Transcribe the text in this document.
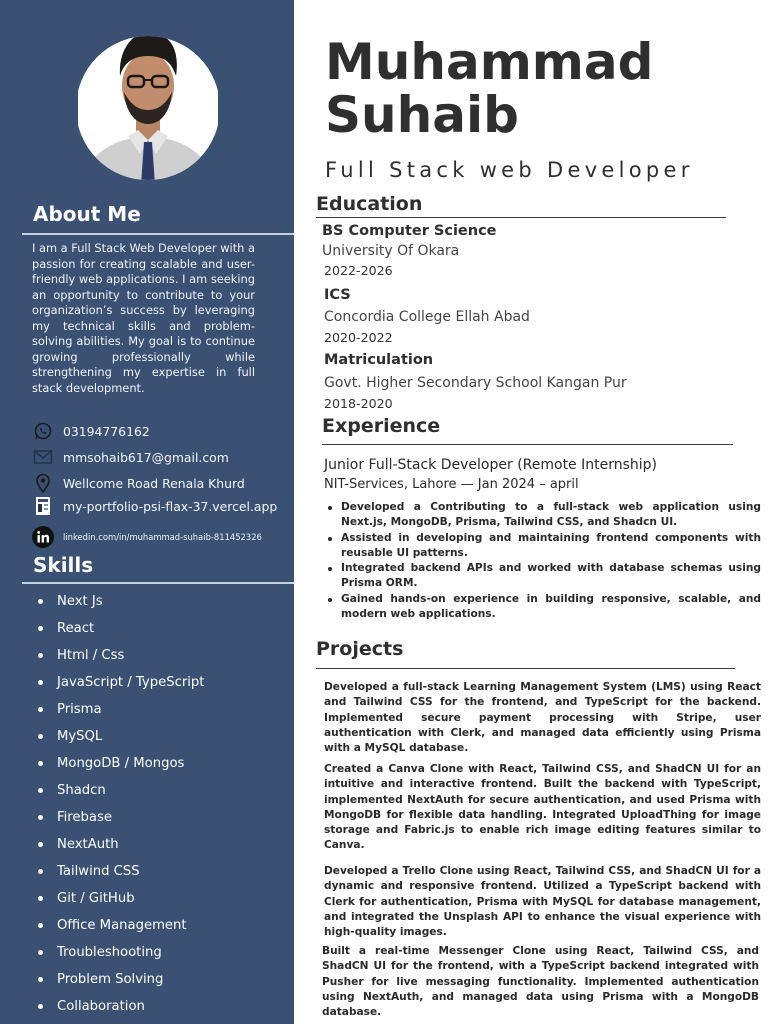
About Me

I am a Full Stack Web Developer with a passion for creating scalable and user-friendly web applications. I am seeking an opportunity to contribute to your organization’s success by leveraging my technical skills and problem-solving abilities. My goal is to continue growing professionally while strengthening my expertise in full stack development.

03194776162
mmsohaib617@gmail.com
Wellcome Road Renala Khurd
my-portfolio-psi-flax-37.vercel.app
linkedin.com/in/muhammad-suhaib-811452326
Skills
Next Js
React
Html / Css
JavaScript / TypeScript
Prisma
MySQL
MongoDB / Mongos
Shadcn
Firebase
NextAuth
Tailwind CSS
Git / GitHub
Office Management
Troubleshooting
Problem Solving
Collaboration
Muhammad Suhaib
Full Stack web Developer
Education
BS Computer Science
University Of Okara
2022-2026
ICS
Concordia College Ellah Abad
2020-2022
Matriculation
Govt. Higher Secondary School Kangan Pur
2018-2020
Experience
Junior Full-Stack Developer (Remote Internship)
NIT-Services, Lahore — Jan 2024 – april
Developed a Contributing to a full-stack web application using Next.js, MongoDB, Prisma, Tailwind CSS, and Shadcn UI.
Assisted in developing and maintaining frontend components with reusable UI patterns.
Integrated backend APIs and worked with database schemas using Prisma ORM.
Gained hands-on experience in building responsive, scalable, and modern web applications.
Projects

Developed a full-stack Learning Management System (LMS) using React and Tailwind CSS for the frontend, and TypeScript for the backend. Implemented secure payment processing with Stripe, user authentication with Clerk, and managed data efficiently using Prisma with a MySQL database.

Created a Canva Clone with React, Tailwind CSS, and ShadCN UI for an intuitive and interactive frontend. Built the backend with TypeScript, implemented NextAuth for secure authentication, and used Prisma with MongoDB for flexible data handling. Integrated UploadThing for image storage and Fabric.js to enable rich image editing features similar to Canva.

Developed a Trello Clone using React, Tailwind CSS, and ShadCN UI for a dynamic and responsive frontend. Utilized a TypeScript backend with Clerk for authentication, Prisma with MySQL for database management, and integrated the Unsplash API to enhance the visual experience with high-quality images.

Built a real-time Messenger Clone using React, Tailwind CSS, and ShadCN UI for the frontend, with a TypeScript backend integrated with Pusher for live messaging functionality. Implemented authentication using NextAuth, and managed data using Prisma with a MongoDB database.
